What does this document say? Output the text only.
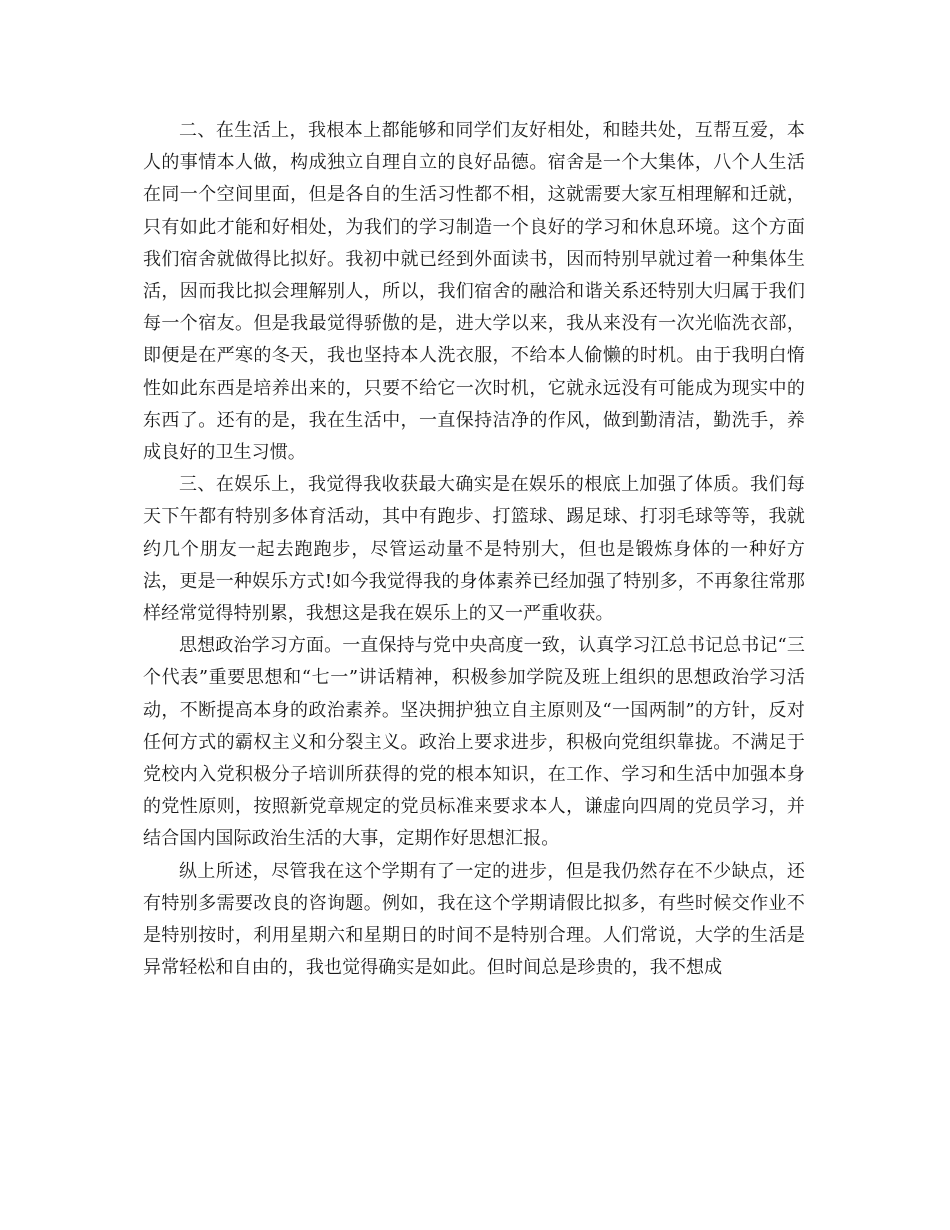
二、在生活上，我根本上都能够和同学们友好相处，和睦共处，互帮互爱，本人的事情本人做，构成独立自理自立的良好品德。宿舍是一个大集体，八个人生活在同一个空间里面，但是各自的生活习性都不相，这就需要大家互相理解和迁就，只有如此才能和好相处，为我们的学习制造一个良好的学习和休息环境。这个方面我们宿舍就做得比拟好。我初中就已经到外面读书，因而特别早就过着一种集体生活，因而我比拟会理解别人，所以，我们宿舍的融洽和谐关系还特别大归属于我们每一个宿友。但是我最觉得骄傲的是，进大学以来，我从来没有一次光临洗衣部，即便是在严寒的冬天，我也坚持本人洗衣服，不给本人偷懒的时机。由于我明白惰性如此东西是培养出来的，只要不给它一次时机，它就永远没有可能成为现实中的东西了。还有的是，我在生活中，一直保持洁净的作风，做到勤清洁，勤洗手，养成良好的卫生习惯。

三、在娱乐上，我觉得我收获最大确实是在娱乐的根底上加强了体质。我们每天下午都有特别多体育活动，其中有跑步、打篮球、踢足球、打羽毛球等等，我就约几个朋友一起去跑跑步，尽管运动量不是特别大，但也是锻炼身体的一种好方法，更是一种娱乐方式!如今我觉得我的身体素养已经加强了特别多，不再象往常那样经常觉得特别累，我想这是我在娱乐上的又一严重收获。

思想政治学习方面。一直保持与党中央高度一致，认真学习江总书记总书记“三个代表”重要思想和“七一”讲话精神，积极参加学院及班上组织的思想政治学习活动，不断提高本身的政治素养。坚决拥护独立自主原则及“一国两制”的方针，反对任何方式的霸权主义和分裂主义。政治上要求进步，积极向党组织靠拢。不满足于党校内入党积极分子培训所获得的党的根本知识，在工作、学习和生活中加强本身的党性原则，按照新党章规定的党员标准来要求本人，谦虚向四周的党员学习，并结合国内国际政治生活的大事，定期作好思想汇报。

纵上所述，尽管我在这个学期有了一定的进步，但是我仍然存在不少缺点，还有特别多需要改良的咨询题。例如，我在这个学期请假比拟多，有些时候交作业不是特别按时，利用星期六和星期日的时间不是特别合理。人们常说，大学的生活是异常轻松和自由的，我也觉得确实是如此。但时间总是珍贵的，我不想成
